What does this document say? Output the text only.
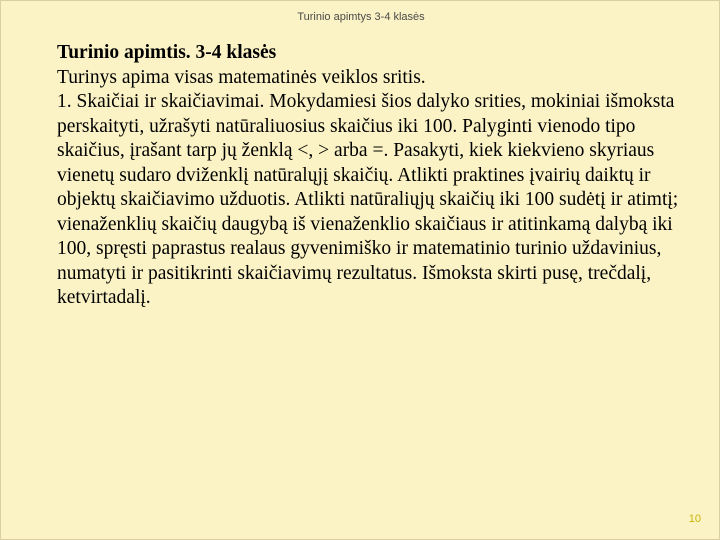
Turinio apimtys 3-4 klasės

Turinio apimtis. 3-4 klasės

Turinys apima visas matematinės veiklos sritis.

1. Skaičiai ir skaičiavimai. Mokydamiesi šios dalyko srities, mokiniai išmoksta perskaityti, užrašyti natūraliuosius skaičius iki 100. Palyginti vienodo tipo skaičius, įrašant tarp jų ženklą <, > arba =. Pasakyti, kiek kiekvieno skyriaus vienetų sudaro dviženklį natūralųjį skaičių. Atlikti praktines įvairių daiktų ir objektų skaičiavimo užduotis. Atlikti natūraliųjų skaičių iki 100 sudėtį ir atimtį; vienaženklių skaičių daugybą iš vienaženklio skaičiaus ir atitinkamą dalybą iki 100, spręsti paprastus realaus gyvenimiško ir matematinio turinio uždavinius, numatyti ir pasitikrinti skaičiavimų rezultatus. Išmoksta skirti pusę, trečdalį, ketvirtadalį.

10
